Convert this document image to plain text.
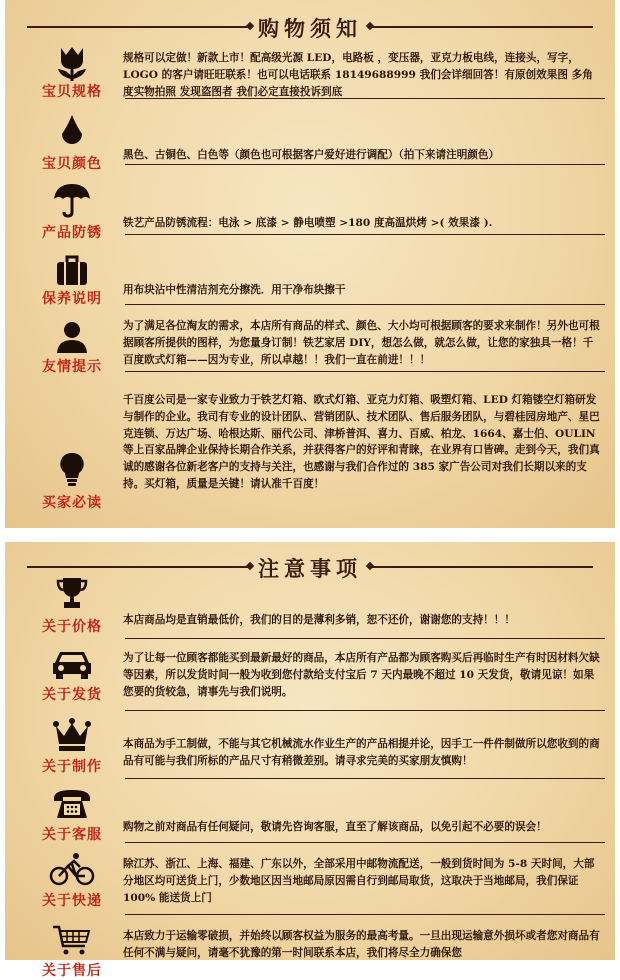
购物须知
宝贝规格
规格可以定做！新款上市！配高级光源 LED，电路板 ，变压器，亚克力板电线，连接头，写字，LOGO 的客户请旺旺联系！也可以电话联系 18149688999 我们会详细回答！有原创效果图 多角度实物拍照 发现盗图者 我们必定直接投诉到底
宝贝颜色
黑色、古铜色、白色等（颜色也可根据客户爱好进行调配）（拍下来请注明颜色）
产品防锈
铁艺产品防锈流程：电泳 > 底漆 > 静电喷塑 >180 度高温烘烤 >( 效果漆 ).
保养说明
用布块沾中性清洁剂充分擦洗．用干净布块擦干
友情提示
为了满足各位淘友的需求，本店所有商品的样式、颜色、大小均可根据顾客的要求来制作！另外也可根据顾客所提供的图样，为您量身订制！铁艺家居 DIY，想怎么做，就怎么做，让您的家独具一格！千百度欧式灯箱——因为专业，所以卓越！！我们一直在前进！！！
买家必读
千百度公司是一家专业致力于铁艺灯箱、欧式灯箱、亚克力灯箱、吸塑灯箱、LED 灯箱镂空灯箱研发与制作的企业。我司有专业的设计团队、营销团队、技术团队、售后服务团队，与碧桂园房地产、星巴克连锁、万达广场、哈根达斯、丽代公司、津桥普洱、喜力、百威、柏龙、1664、嘉士伯、OULIN 等上百家品牌企业保持长期合作关系，并获得客户的好评和青睐，在业界有口皆碑。走到今天，我们真诚的感谢各位新老客户的支持与关注，也感谢与我们合作过的 385 家广告公司对我们长期以来的支持。买灯箱，质量是关键！请认准千百度！
注意事项
关于价格	本店商品均是直销最低价，我们的目的是薄利多销，恕不还价，谢谢您的支持！！！
关于发货
为了让每一位顾客都能买到最新最好的商品，本店所有产品都为顾客购买后再临时生产有时因材料欠缺等因素，所以发货时间一般为收到您付款给支付宝后 7 天内最晚不超过 10 天发货，敬请见谅！如果您要的货较急，请事先与我们说明。
关于制作
本商品为手工制做，不能与其它机械流水作业生产的产品相提并论，因手工一件件制做所以您收到的商品有可能与我们所标的产品尺寸有稍微差别。请寻求完美的买家朋友慎购！
关于客服	购物之前对商品有任何疑问，敬请先咨询客服，直至了解该商品，以免引起不必要的误会！
关于快递
除江苏、浙江、上海、福建、广东以外，全部采用中邮物流配送，一般到货时间为 5-8 天时间，大部分地区均可送货上门，少数地区因当地邮局原因需自行到邮局取货，这取决于当地邮局，我们保证 100% 能送货上门
关于售后
本店致力于运输零破损，并始终以顾客权益为服务的最高考量。一旦出现运输意外损坏或者您对商品有任何不满与疑问，请毫不犹豫的第一时间联系本店，我们将尽全力确保您
